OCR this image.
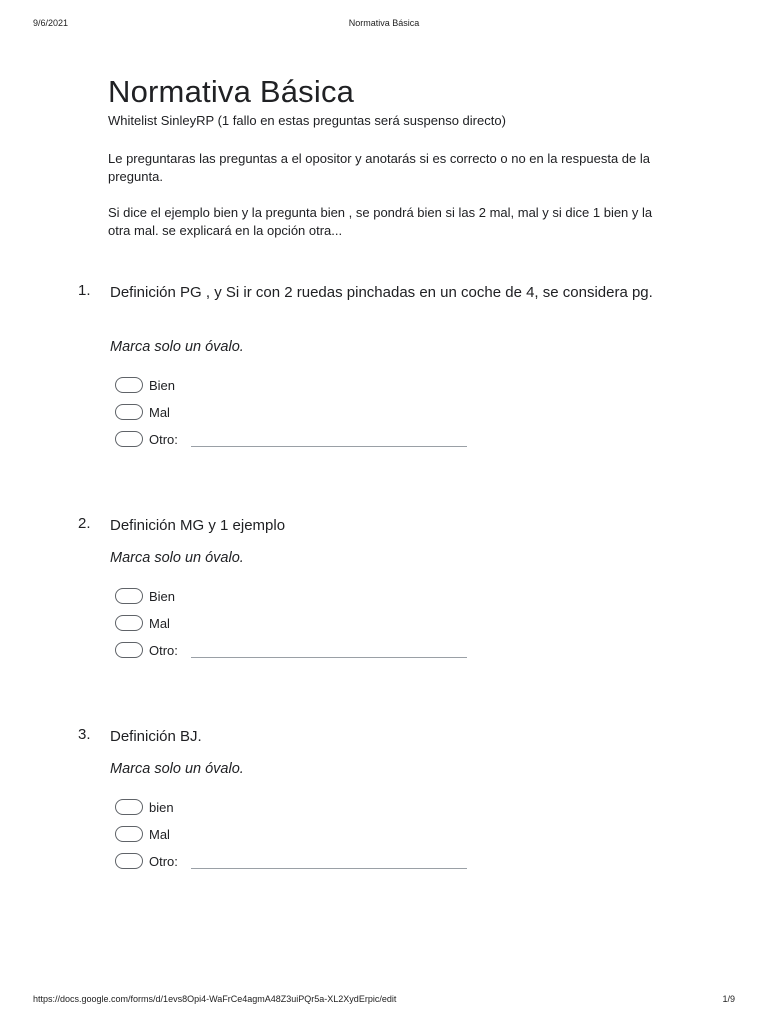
9/6/2021	Normativa Básica
Normativa Básica
Whitelist SinleyRP (1 fallo en estas preguntas será suspenso directo)

Le preguntaras las preguntas a el opositor y anotarás si es correcto o no en la respuesta de la pregunta.

Si dice el ejemplo bien y la pregunta bien , se pondrá bien si las 2 mal, mal y si dice 1 bien y la otra mal. se explicará en la opción otra...

1. Definición PG , y Si ir con 2 ruedas pinchadas en un coche de 4, se considera pg.

Marca solo un óvalo.
Bien
Mal
Otro:
2. Definición MG y 1 ejemplo

Marca solo un óvalo.
Bien
Mal
Otro:
3. Definición BJ.

Marca solo un óvalo.
bien
Mal
Otro:
https://docs.google.com/forms/d/1evs8Opi4-WaFrCe4agmA48Z3uiPQr5a-XL2XydErpic/edit	1/9
